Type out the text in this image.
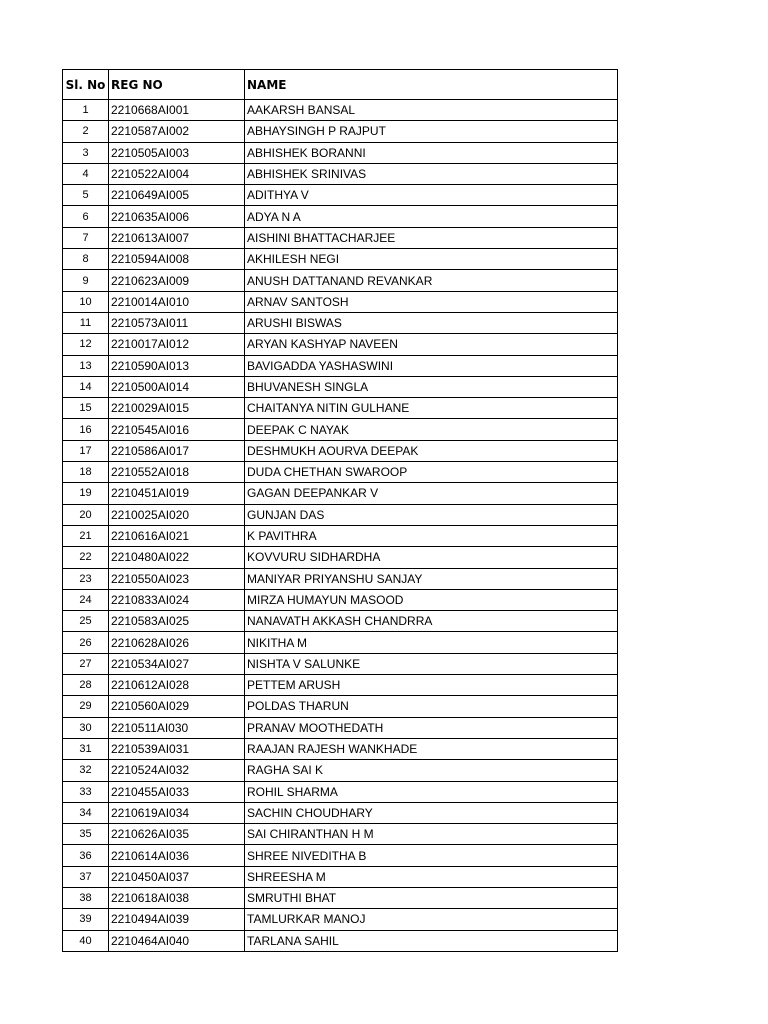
Sl. No	REG NO	NAME
1	2210668AI001	AAKARSH BANSAL
2	2210587AI002	ABHAYSINGH P RAJPUT
3	2210505AI003	ABHISHEK BORANNI
4	2210522AI004	ABHISHEK SRINIVAS
5	2210649AI005	ADITHYA V
6	2210635AI006	ADYA N A
7	2210613AI007	AISHINI BHATTACHARJEE
8	2210594AI008	AKHILESH NEGI
9	2210623AI009	ANUSH DATTANAND REVANKAR
10	2210014AI010	ARNAV SANTOSH
11	2210573AI011	ARUSHI BISWAS
12	2210017AI012	ARYAN KASHYAP NAVEEN
13	2210590AI013	BAVIGADDA YASHASWINI
14	2210500AI014	BHUVANESH SINGLA
15	2210029AI015	CHAITANYA NITIN GULHANE
16	2210545AI016	DEEPAK C NAYAK
17	2210586AI017	DESHMUKH AOURVA DEEPAK
18	2210552AI018	DUDA CHETHAN SWAROOP
19	2210451AI019	GAGAN DEEPANKAR V
20	2210025AI020	GUNJAN DAS
21	2210616AI021	K PAVITHRA
22	2210480AI022	KOVVURU SIDHARDHA
23	2210550AI023	MANIYAR PRIYANSHU SANJAY
24	2210833AI024	MIRZA HUMAYUN MASOOD
25	2210583AI025	NANAVATH AKKASH CHANDRRA
26	2210628AI026	NIKITHA M
27	2210534AI027	NISHTA V SALUNKE
28	2210612AI028	PETTEM ARUSH
29	2210560AI029	POLDAS THARUN
30	2210511AI030	PRANAV MOOTHEDATH
31	2210539AI031	RAAJAN RAJESH WANKHADE
32	2210524AI032	RAGHA SAI K
33	2210455AI033	ROHIL SHARMA
34	2210619AI034	SACHIN CHOUDHARY
35	2210626AI035	SAI CHIRANTHAN H M
36	2210614AI036	SHREE NIVEDITHA B
37	2210450AI037	SHREESHA M
38	2210618AI038	SMRUTHI BHAT
39	2210494AI039	TAMLURKAR MANOJ
40	2210464AI040	TARLANA SAHIL
